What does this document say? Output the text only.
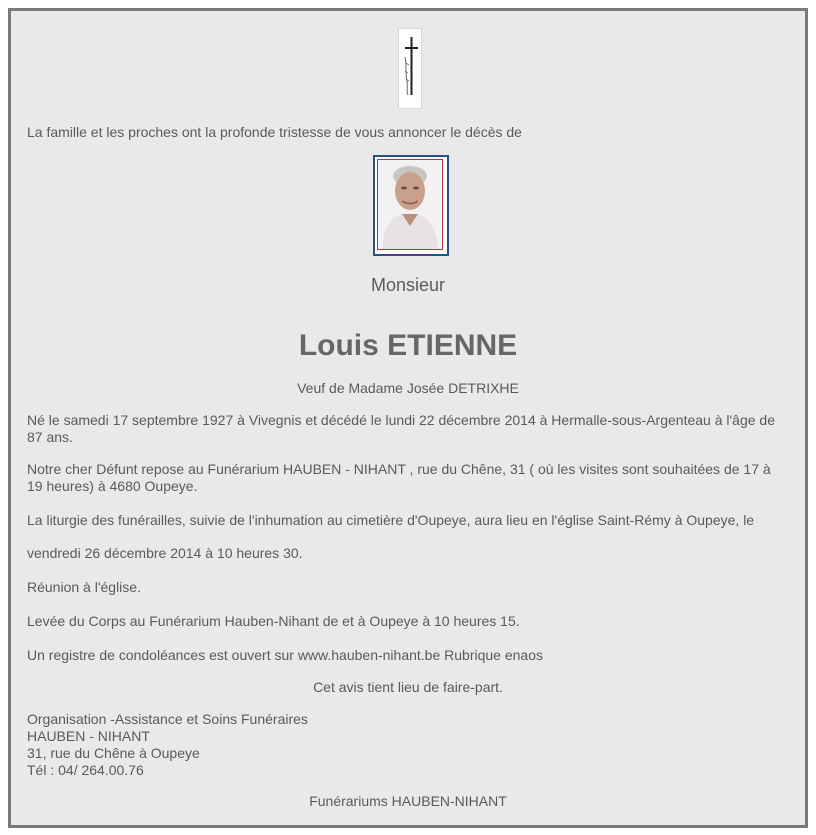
La famille et les proches ont la profonde tristesse de vous annoncer le décès de
Monsieur
Louis ETIENNE
Veuf de Madame Josée DETRIXHE
Né le samedi 17 septembre 1927 à Vivegnis et décédé le lundi 22 décembre 2014 à Hermalle-sous-Argenteau à l'âge de 87 ans.
Notre cher Défunt repose au Funérarium HAUBEN - NIHANT , rue du Chêne, 31 ( où les visites sont souhaitées de 17 à 19 heures) à 4680 Oupeye.
La liturgie des funérailles, suivie de l'inhumation au cimetière d'Oupeye, aura lieu en l'église Saint-Rémy à Oupeye, le
vendredi 26 décembre 2014 à 10 heures 30.
Réunion à l'église.
Levée du Corps au Funérarium Hauben-Nihant de et à Oupeye à 10 heures 15.
Un registre de condoléances est ouvert sur www.hauben-nihant.be Rubrique enaos
Cet avis tient lieu de faire-part.
Organisation -Assistance et Soins Funéraires
HAUBEN - NIHANT
31, rue du Chêne à Oupeye
Tél : 04/ 264.00.76
Funérariums HAUBEN-NIHANT
